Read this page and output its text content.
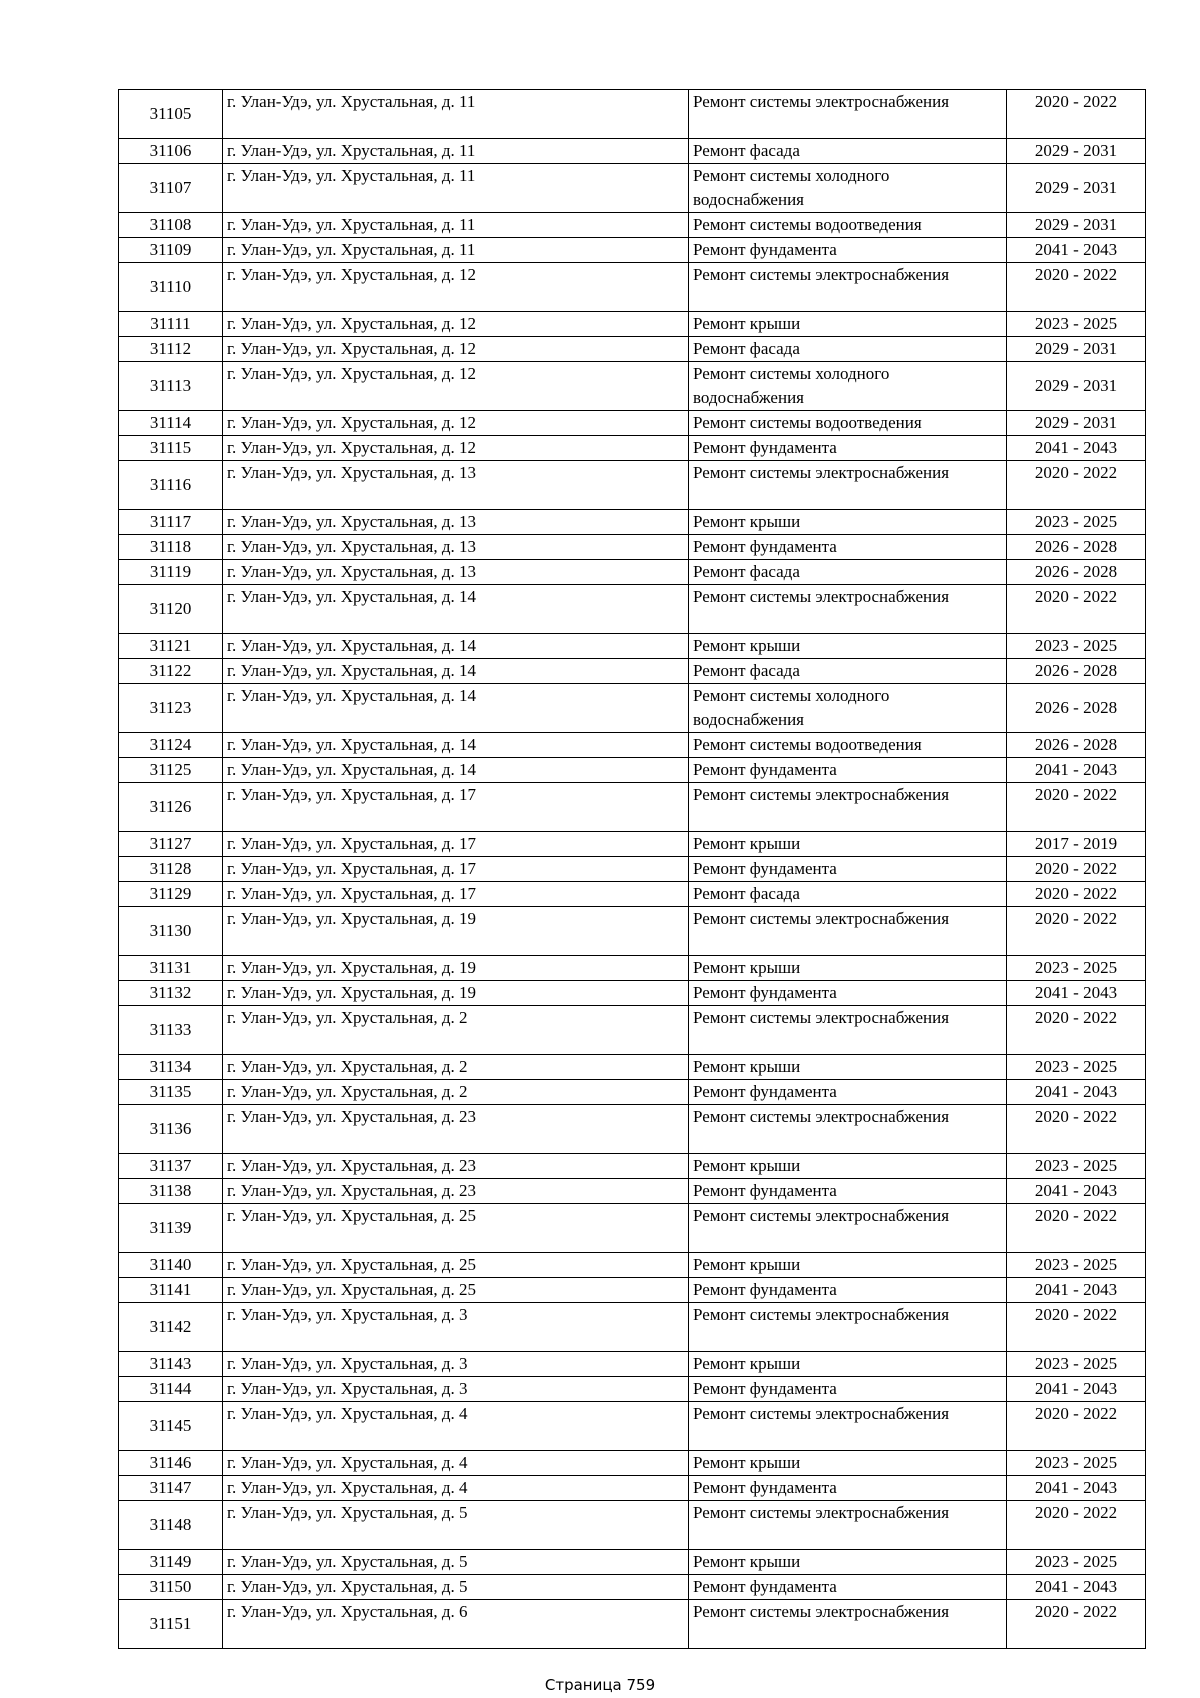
31105	г. Улан-Удэ, ул. Хрустальная, д. 11	Ремонт системы электроснабжения	2020 - 2022
31106	г. Улан-Удэ, ул. Хрустальная, д. 11	Ремонт фасада	2029 - 2031
31107	г. Улан-Удэ, ул. Хрустальная, д. 11	Ремонт системы холодного водоснабжения	2029 - 2031
31108	г. Улан-Удэ, ул. Хрустальная, д. 11	Ремонт системы водоотведения	2029 - 2031
31109	г. Улан-Удэ, ул. Хрустальная, д. 11	Ремонт фундамента	2041 - 2043
31110	г. Улан-Удэ, ул. Хрустальная, д. 12	Ремонт системы электроснабжения	2020 - 2022
31111	г. Улан-Удэ, ул. Хрустальная, д. 12	Ремонт крыши	2023 - 2025
31112	г. Улан-Удэ, ул. Хрустальная, д. 12	Ремонт фасада	2029 - 2031
31113	г. Улан-Удэ, ул. Хрустальная, д. 12	Ремонт системы холодного водоснабжения	2029 - 2031
31114	г. Улан-Удэ, ул. Хрустальная, д. 12	Ремонт системы водоотведения	2029 - 2031
31115	г. Улан-Удэ, ул. Хрустальная, д. 12	Ремонт фундамента	2041 - 2043
31116	г. Улан-Удэ, ул. Хрустальная, д. 13	Ремонт системы электроснабжения	2020 - 2022
31117	г. Улан-Удэ, ул. Хрустальная, д. 13	Ремонт крыши	2023 - 2025
31118	г. Улан-Удэ, ул. Хрустальная, д. 13	Ремонт фундамента	2026 - 2028
31119	г. Улан-Удэ, ул. Хрустальная, д. 13	Ремонт фасада	2026 - 2028
31120	г. Улан-Удэ, ул. Хрустальная, д. 14	Ремонт системы электроснабжения	2020 - 2022
31121	г. Улан-Удэ, ул. Хрустальная, д. 14	Ремонт крыши	2023 - 2025
31122	г. Улан-Удэ, ул. Хрустальная, д. 14	Ремонт фасада	2026 - 2028
31123	г. Улан-Удэ, ул. Хрустальная, д. 14	Ремонт системы холодного водоснабжения	2026 - 2028
31124	г. Улан-Удэ, ул. Хрустальная, д. 14	Ремонт системы водоотведения	2026 - 2028
31125	г. Улан-Удэ, ул. Хрустальная, д. 14	Ремонт фундамента	2041 - 2043
31126	г. Улан-Удэ, ул. Хрустальная, д. 17	Ремонт системы электроснабжения	2020 - 2022
31127	г. Улан-Удэ, ул. Хрустальная, д. 17	Ремонт крыши	2017 - 2019
31128	г. Улан-Удэ, ул. Хрустальная, д. 17	Ремонт фундамента	2020 - 2022
31129	г. Улан-Удэ, ул. Хрустальная, д. 17	Ремонт фасада	2020 - 2022
31130	г. Улан-Удэ, ул. Хрустальная, д. 19	Ремонт системы электроснабжения	2020 - 2022
31131	г. Улан-Удэ, ул. Хрустальная, д. 19	Ремонт крыши	2023 - 2025
31132	г. Улан-Удэ, ул. Хрустальная, д. 19	Ремонт фундамента	2041 - 2043
31133	г. Улан-Удэ, ул. Хрустальная, д. 2	Ремонт системы электроснабжения	2020 - 2022
31134	г. Улан-Удэ, ул. Хрустальная, д. 2	Ремонт крыши	2023 - 2025
31135	г. Улан-Удэ, ул. Хрустальная, д. 2	Ремонт фундамента	2041 - 2043
31136	г. Улан-Удэ, ул. Хрустальная, д. 23	Ремонт системы электроснабжения	2020 - 2022
31137	г. Улан-Удэ, ул. Хрустальная, д. 23	Ремонт крыши	2023 - 2025
31138	г. Улан-Удэ, ул. Хрустальная, д. 23	Ремонт фундамента	2041 - 2043
31139	г. Улан-Удэ, ул. Хрустальная, д. 25	Ремонт системы электроснабжения	2020 - 2022
31140	г. Улан-Удэ, ул. Хрустальная, д. 25	Ремонт крыши	2023 - 2025
31141	г. Улан-Удэ, ул. Хрустальная, д. 25	Ремонт фундамента	2041 - 2043
31142	г. Улан-Удэ, ул. Хрустальная, д. 3	Ремонт системы электроснабжения	2020 - 2022
31143	г. Улан-Удэ, ул. Хрустальная, д. 3	Ремонт крыши	2023 - 2025
31144	г. Улан-Удэ, ул. Хрустальная, д. 3	Ремонт фундамента	2041 - 2043
31145	г. Улан-Удэ, ул. Хрустальная, д. 4	Ремонт системы электроснабжения	2020 - 2022
31146	г. Улан-Удэ, ул. Хрустальная, д. 4	Ремонт крыши	2023 - 2025
31147	г. Улан-Удэ, ул. Хрустальная, д. 4	Ремонт фундамента	2041 - 2043
31148	г. Улан-Удэ, ул. Хрустальная, д. 5	Ремонт системы электроснабжения	2020 - 2022
31149	г. Улан-Удэ, ул. Хрустальная, д. 5	Ремонт крыши	2023 - 2025
31150	г. Улан-Удэ, ул. Хрустальная, д. 5	Ремонт фундамента	2041 - 2043
31151	г. Улан-Удэ, ул. Хрустальная, д. 6	Ремонт системы электроснабжения	2020 - 2022
Страница 759
